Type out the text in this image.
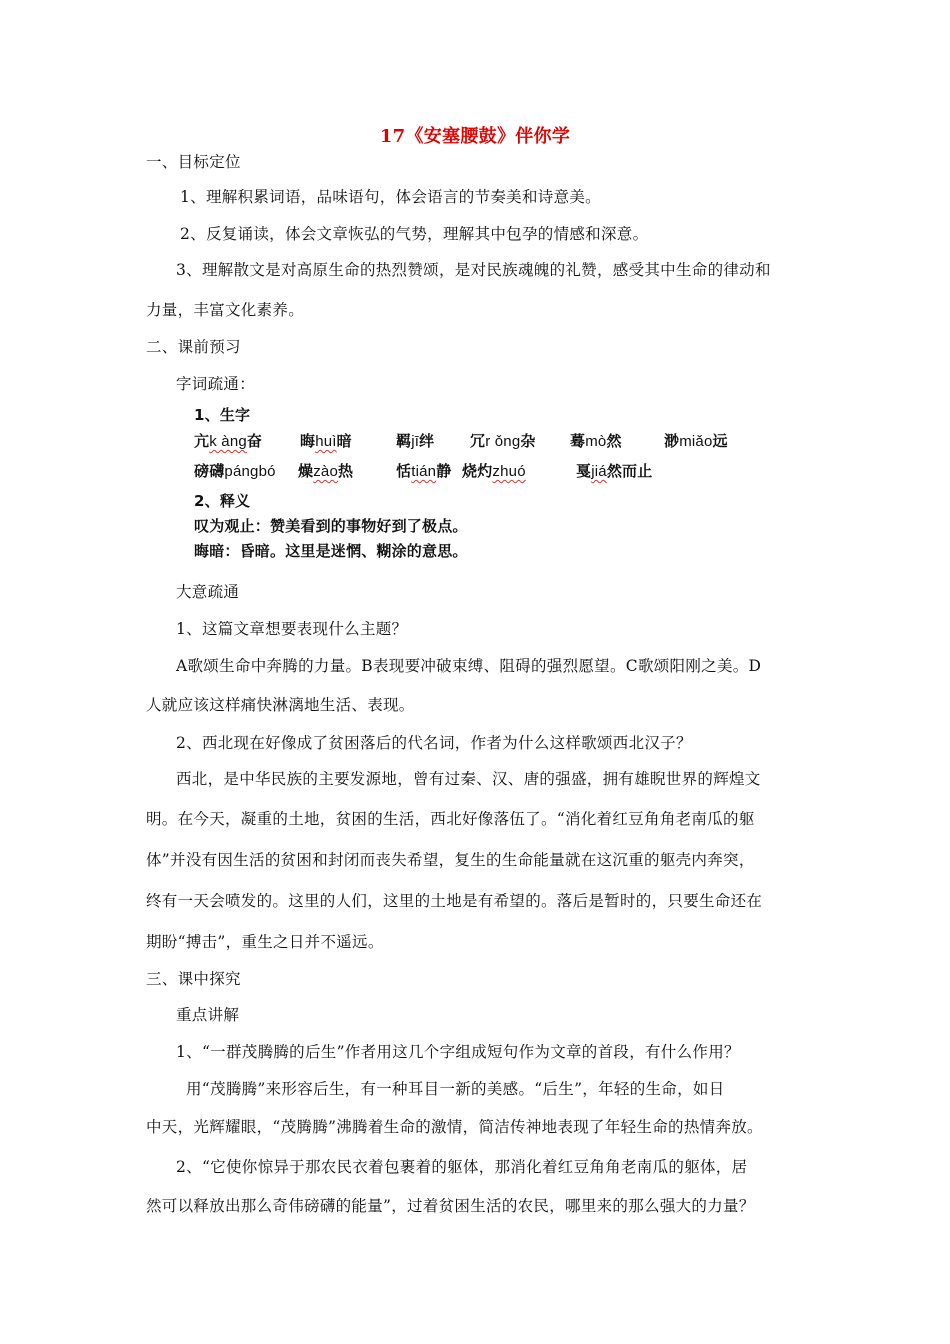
17《安塞腰鼓》伴你学
一、目标定位
1、理解积累词语，品味语句，体会语言的节奏美和诗意美。
2、反复诵读，体会文章恢弘的气势，理解其中包孕的情感和深意。
3、理解散文是对高原生命的热烈赞颂，是对民族魂魄的礼赞，感受其中生命的律动和
力量，丰富文化素养。
二、课前预习
字词疏通：
1、生字
亢k àng奋	晦huì暗	羁jī绊 冗r ǒng杂 蓦mò然	渺miǎo远
磅礴pángbó 燥zào热	恬tián静 烧灼zhuó	戛jiá然而止
2、释义
叹为观止：赞美看到的事物好到了极点。
晦暗：昏暗。这里是迷惘、糊涂的意思。
大意疏通
1、这篇文章想要表现什么主题？
A歌颂生命中奔腾的力量。B表现要冲破束缚、阻碍的强烈愿望。C歌颂阳刚之美。D
人就应该这样痛快淋漓地生活、表现。
2、西北现在好像成了贫困落后的代名词，作者为什么这样歌颂西北汉子？
西北，是中华民族的主要发源地，曾有过秦、汉、唐的强盛，拥有雄睨世界的辉煌文
明。在今天，凝重的土地，贫困的生活，西北好像落伍了。“消化着红豆角角老南瓜的躯
体”并没有因生活的贫困和封闭而丧失希望，复生的生命能量就在这沉重的躯壳内奔突，
终有一天会喷发的。这里的人们，这里的土地是有希望的。落后是暂时的，只要生命还在
期盼“搏击”，重生之日并不遥远。
三、课中探究
重点讲解
1、“一群茂腾腾的后生”作者用这几个字组成短句作为文章的首段，有什么作用？
用“茂腾腾”来形容后生，有一种耳目一新的美感。“后生”，年轻的生命，如日
中天，光辉耀眼，“茂腾腾”沸腾着生命的激情，简洁传神地表现了年轻生命的热情奔放。
2、“它使你惊异于那农民衣着包裹着的躯体，那消化着红豆角角老南瓜的躯体，居
然可以释放出那么奇伟磅礴的能量”，过着贫困生活的农民，哪里来的那么强大的力量？
